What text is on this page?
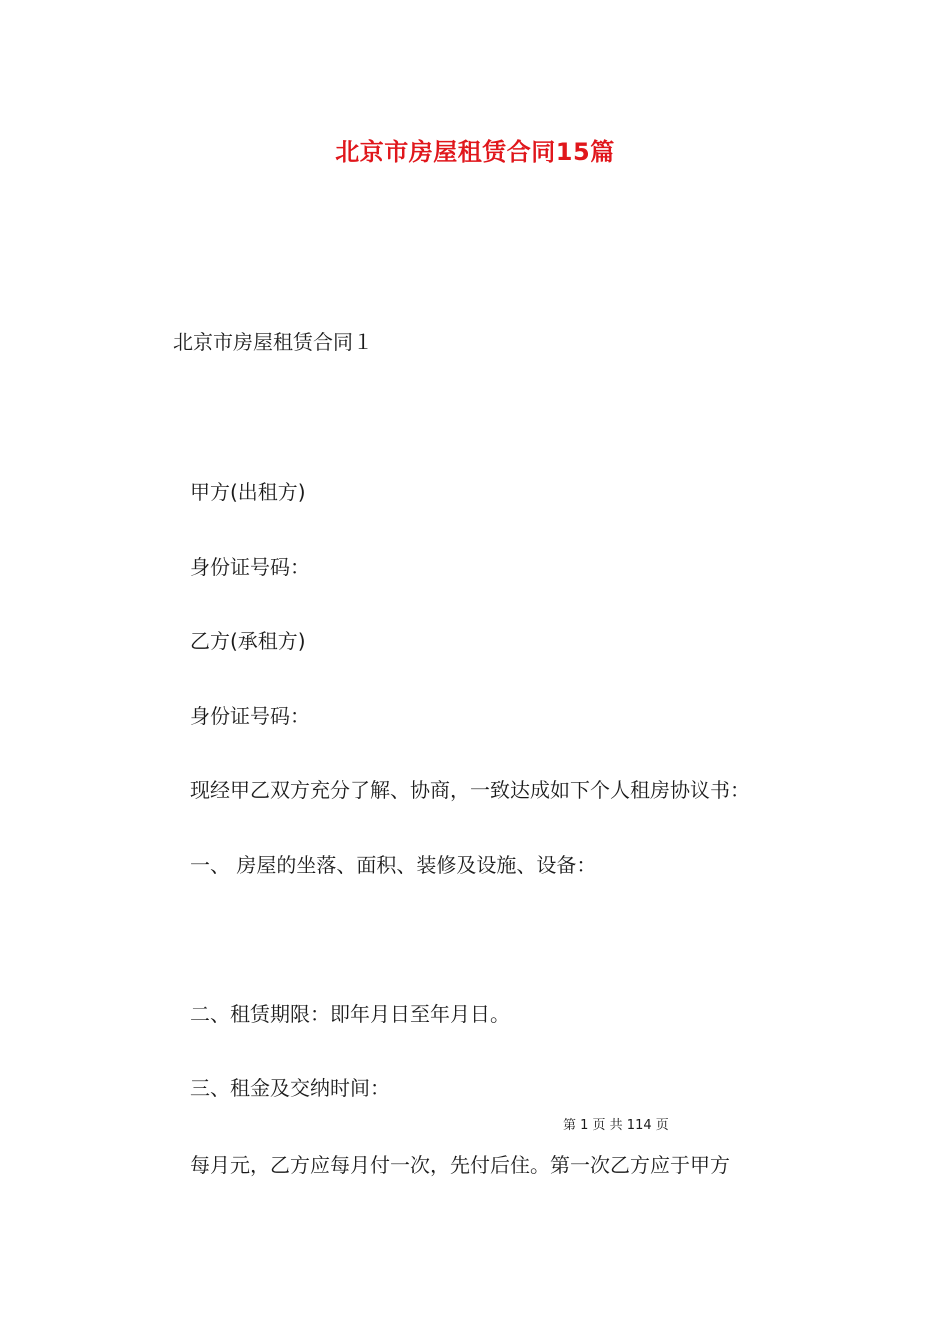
北京市房屋租赁合同15篇
北京市房屋租赁合同１
甲方(出租方)
身份证号码：
乙方(承租方)
身份证号码：
现经甲乙双方充分了解、协商，一致达成如下个人租房协议书：
一、 房屋的坐落、面积、装修及设施、设备：
二、租赁期限：即年月日至年月日。
三、租金及交纳时间：
第 1 页 共 114 页
每月元，乙方应每月付一次，先付后住。第一次乙方应于甲方
